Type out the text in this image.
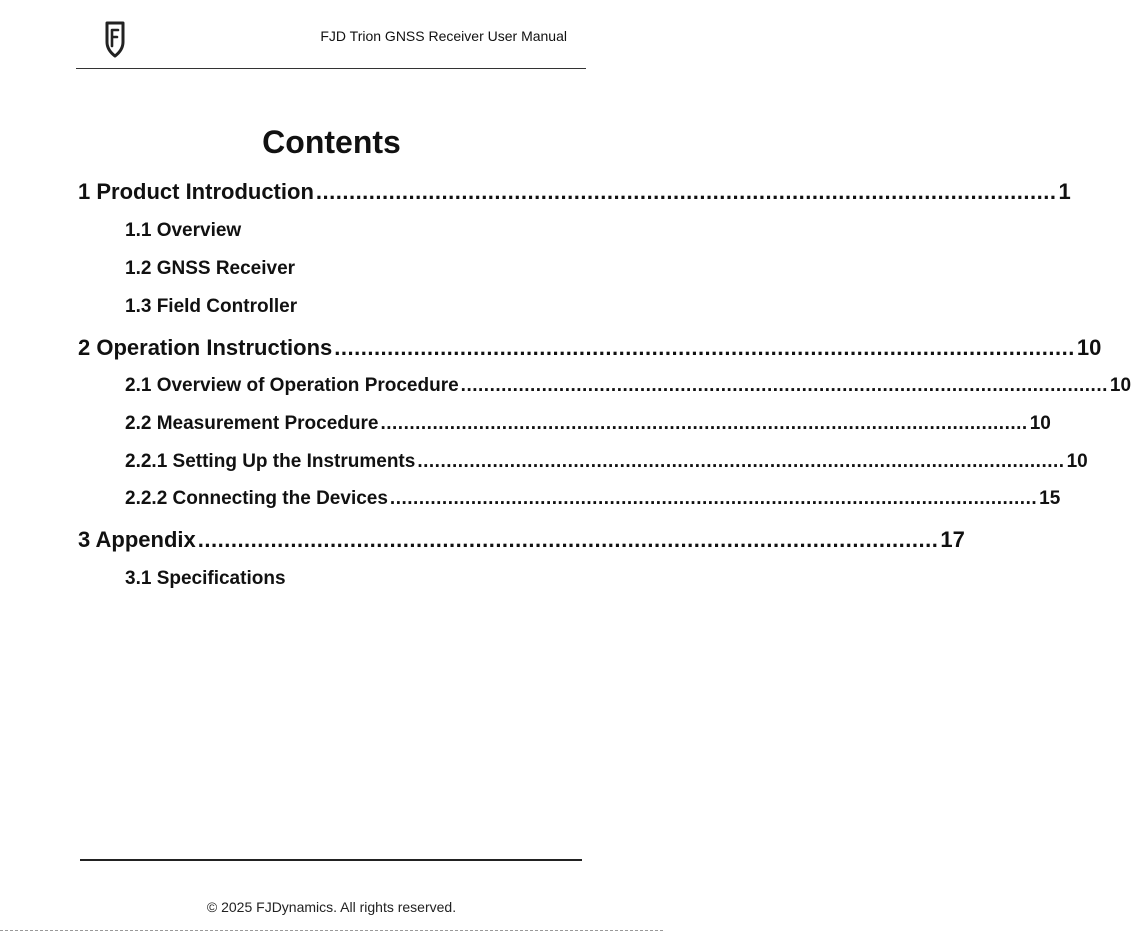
FJD Trion GNSS Receiver User Manual
Contents
1 Product Introduction ................................................................................................................ 1
1.1 Overview
1.2 GNSS Receiver
1.3 Field Controller
2 Operation Instructions ................................................................................................................ 10
2.1 Overview of Operation Procedure ................................................................................................................ 10
2.2 Measurement Procedure ................................................................................................................ 10
2.2.1 Setting Up the Instruments ................................................................................................................ 10
2.2.2 Connecting the Devices ................................................................................................................ 15
3 Appendix ................................................................................................................ 17
3.1 Specifications
© 2025 FJDynamics. All rights reserved.
